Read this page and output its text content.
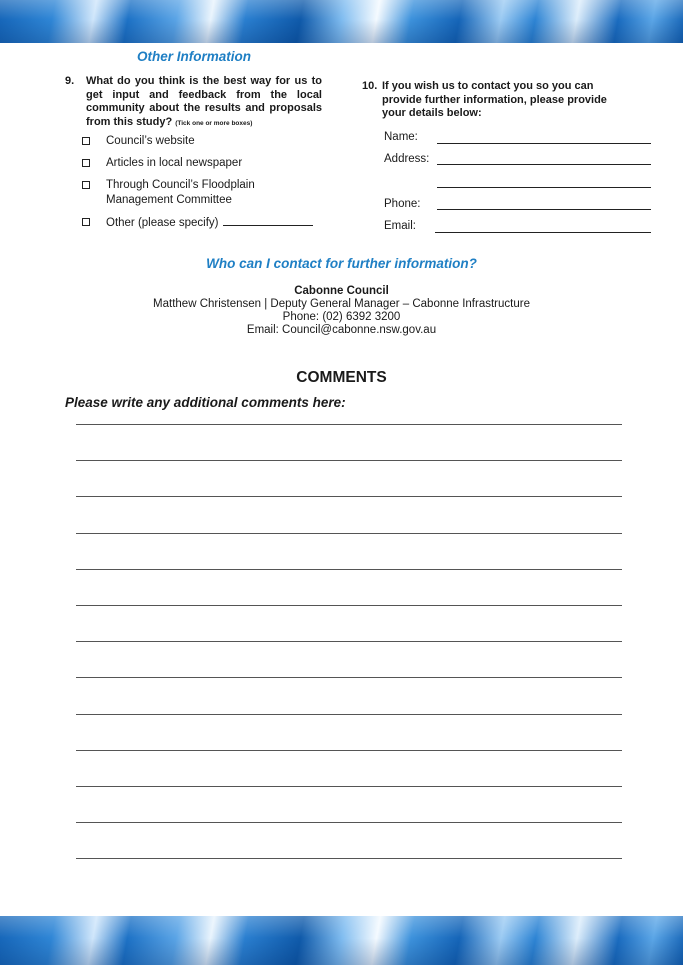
Other Information
9. What do you think is the best way for us to get input and feedback from the local community about the results and proposals from this study? (Tick one or more boxes)
Council’s website
Articles in local newspaper
Through Council’s Floodplain Management Committee
Other (please specify)
10. If you wish us to contact you so you can provide further information, please provide your details below:
Name:
Address:
Phone:
Email:
Who can I contact for further information?
Cabonne Council
Matthew Christensen | Deputy General Manager – Cabonne Infrastructure
Phone: (02) 6392 3200
Email: Council@cabonne.nsw.gov.au
COMMENTS
Please write any additional comments here:
